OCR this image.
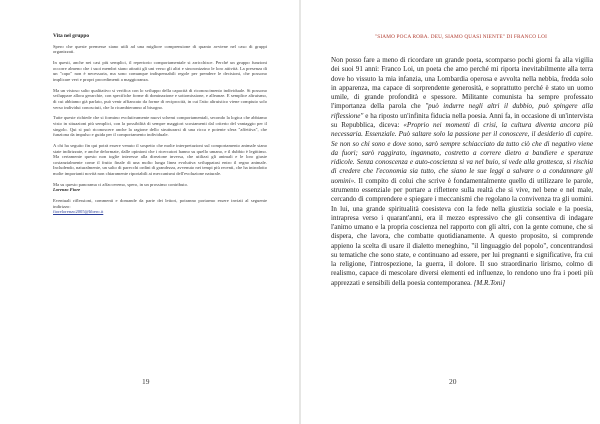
Vita nel gruppo

Spero che queste premesse siano utili ad una migliore comprensione di quanto avviene nel caso di gruppi organizzati.

In questi, anche nei casi più semplici, il repertorio comportamentale si arricchisce. Perché un gruppo funzioni occorre almeno che i suoi membri siano attratti gli uni verso gli altri e sincronizzino le loro attività. La presenza di un "capo" non è necessaria, ma sono comunque indispensabili regole per prendere le decisioni, che possono implicare veri e propri procedimenti a maggioranza.

Ma un vistoso salto qualitativo si verifica con lo sviluppo della capacità di riconoscimento individuale. Si possono sviluppare allora gerarchie, con specifiche forme di dominazione e sottomissione, e alleanze. E semplice altruismo, di cui abbiamo già parlato, può venir affiancato da forme di reciprocità, in cui l'atto altruistico viene compiuto solo verso individui conosciuti, che lo ricambieranno al bisogno.

Tutte queste richiede che si formino evolutivamente nuovi schemi comportamentali, secondo la logica che abbiamo visto in situazioni più semplici, con la possibilità di sempre maggiori scostamenti dal criterio del vantaggio per il singolo. Qui si può riconoscere anche la ragione dello strutturarsi di una ricca e potente sfera "affettiva", che funziona da impulso e guida per il comportamento individuale.

A chi ha seguito fin qui potrà essere venuto il sospetto che molte interpretazioni sul comportamento animale siano state indirizzate, e anche deformate, dalle opinioni che i ricercatori hanno su quello umano, e il dubbio è legittimo. Ma certamente questo non toglie interesse alla direzione inversa, che utilizzi gli animali e le loro giuste costanzialmente come il frutto finale di una molto lunga linea evolutiva sviluppatasi entro il regno animale. Includendo, naturalmente, un salto di parecchi ordini di grandezza, avvenuto nei tempi più recenti, che ha introdotto molte importanti novità non chiaramente riportabili ai meccanismi dell'evoluzione naturale.

Ma su questo panorama ci affacceremo, spero, in un prossimo contributo.

Lorenzo Fiore

Eventuali riflessioni, commenti e domande da parte dei lettori, potranno portarmo essere inviati al seguente indirizzo:
fiorelorenzo2005@libero.it

19
"SIAMO POCA ROBA. DEU, SIAMO QUASI NIENTE" DI FRANCO LOI

Non posso fare a meno di ricordare un grande poeta, scomparso pochi giorni fa alla vigilia dei suoi 91 anni: Franco Loi, un poeta che amo perché mi riporta inevitabilmente alla terra dove ho vissuto la mia infanzia, una Lombardia operosa e avvolta nella nebbia, fredda solo in apparenza, ma capace di sorprendente generosità, e soprattutto perché è stato un uomo umile, di grande profondità e spessore. Militante comunista ha sempre professato l'importanza della parola che "può indurre negli altri il dubbio, può spingere alla riflessione" e ha riposto un'infinita fiducia nella poesia. Anni fa, in occasione di un'intervista su Repubblica, diceva: «Proprio nei momenti di crisi, la cultura diventa ancora più necessaria. Essenziale. Può saltare solo la passione per il conoscere, il desiderio di capire. Se non so chi sono e dove sono, sarò sempre schiacciato da tutto ciò che di negativo viene da fuori; sarò raggirato, ingannato, costretto a correre dietro a bandiere e speranze ridicole. Senza conoscenza e auto-coscienza si va nel buio, si vede alla grottesca, si rischia di credere che l'economia sia tutto, che siano le sue leggi a salvare o a condannare gli uomini». Il compito di colui che scrive è fondamentalmente quello di utilizzare le parole, strumento essenziale per portare a riflettere sulla realtà che si vive, nel bene e nel male, cercando di comprendere e spiegare i meccanismi che regolano la convivenza tra gli uomini. In lui, una grande spiritualità coesisteva con la fede nella giustizia sociale e la poesia, intrapresa verso i quarant'anni, era il mezzo espressivo che gli consentiva di indagare l'animo umano e la propria coscienza nel rapporto con gli altri, con la gente comune, che si dispera, che lavora, che combatte quotidianamente. A questo proposito, si comprende appieno la scelta di usare il dialetto meneghino, "il linguaggio del popolo", concentrandosi su tematiche che sono state, e continuano ad essere, per lui pregnanti e significative, fra cui la religione, l'introspezione, la guerra, il dolore. Il suo straordinario lirismo, colmo di realismo, capace di mescolare diversi elementi ed influenze, lo rendono uno fra i poeti più apprezzati e sensibili della poesia contemporanea. [M.R.Toni]

20
